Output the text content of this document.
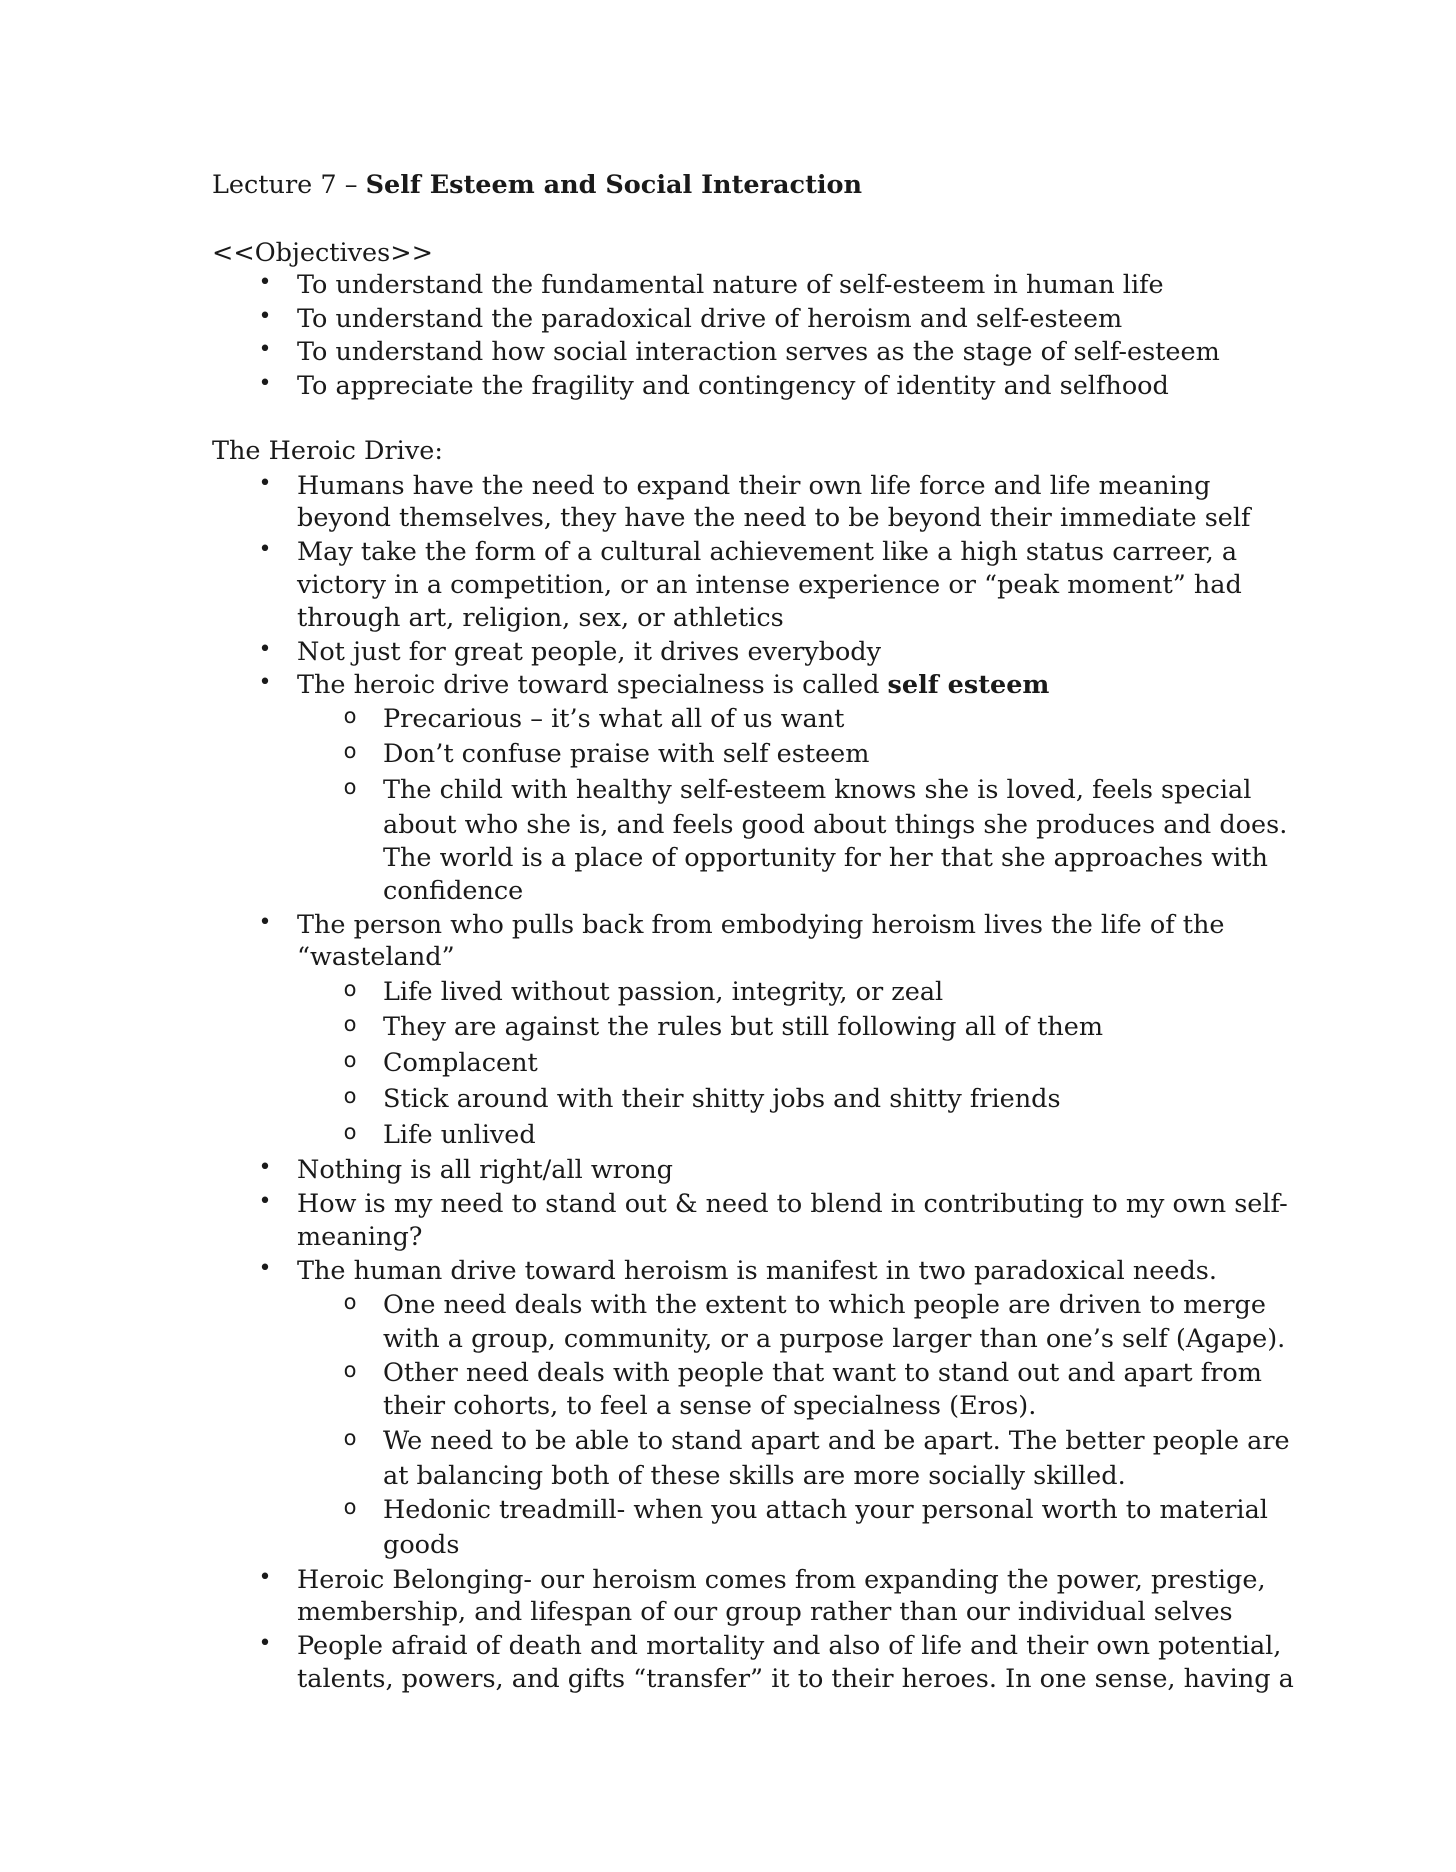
Lecture 7 – Self Esteem and Social Interaction
<<Objectives>>
• To understand the fundamental nature of self-esteem in human life
• To understand the paradoxical drive of heroism and self-esteem
• To understand how social interaction serves as the stage of self-esteem
• To appreciate the fragility and contingency of identity and selfhood
The Heroic Drive:
• Humans have the need to expand their own life force and life meaning
beyond themselves, they have the need to be beyond their immediate self
• May take the form of a cultural achievement like a high status carreer, a
victory in a competition, or an intense experience or “peak moment” had
through art, religion, sex, or athletics
• Not just for great people, it drives everybody
• The heroic drive toward specialness is called self esteem
o Precarious – it’s what all of us want
o Don’t confuse praise with self esteem
o The child with healthy self-esteem knows she is loved, feels special
about who she is, and feels good about things she produces and does.
The world is a place of opportunity for her that she approaches with
confidence
• The person who pulls back from embodying heroism lives the life of the
“wasteland”
o Life lived without passion, integrity, or zeal
o They are against the rules but still following all of them
o Complacent
o Stick around with their shitty jobs and shitty friends
o Life unlived
• Nothing is all right/all wrong
• How is my need to stand out & need to blend in contributing to my own self-
meaning?
• The human drive toward heroism is manifest in two paradoxical needs.
o One need deals with the extent to which people are driven to merge
with a group, community, or a purpose larger than one’s self (Agape).
o Other need deals with people that want to stand out and apart from
their cohorts, to feel a sense of specialness (Eros).
o We need to be able to stand apart and be apart. The better people are
at balancing both of these skills are more socially skilled.
o Hedonic treadmill- when you attach your personal worth to material
goods
• Heroic Belonging- our heroism comes from expanding the power, prestige,
membership, and lifespan of our group rather than our individual selves
• People afraid of death and mortality and also of life and their own potential,
talents, powers, and gifts “transfer” it to their heroes. In one sense, having a
